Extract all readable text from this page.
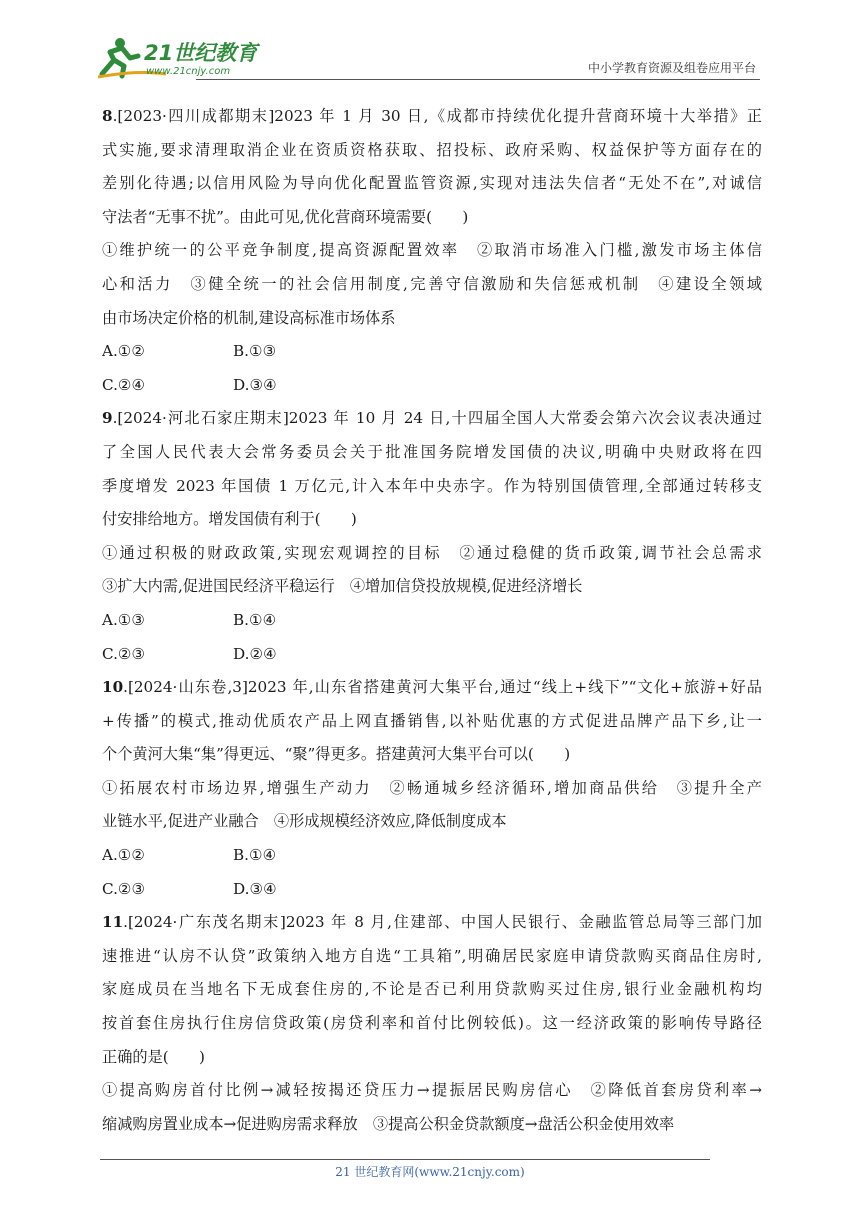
21世纪教育
www.21cnjy.com	中小学教育资源及组卷应用平台
8.[2023·四川成都期末]2023 年 1 月 30 日,《成都市持续优化提升营商环境十大举措》正
式实施,要求清理取消企业在资质资格获取、招投标、政府采购、权益保护等方面存在的
差别化待遇;以信用风险为导向优化配置监管资源,实现对违法失信者“无处不在”,对诚信
守法者“无事不扰”。由此可见,优化营商环境需要(　　)
①维护统一的公平竞争制度,提高资源配置效率　②取消市场准入门槛,激发市场主体信
心和活力　③健全统一的社会信用制度,完善守信激励和失信惩戒机制　④建设全领域
由市场决定价格的机制,建设高标准市场体系
A.①②	B.①③
C.②④	D.③④
9.[2024·河北石家庄期末]2023 年 10 月 24 日,十四届全国人大常委会第六次会议表决通过
了全国人民代表大会常务委员会关于批准国务院增发国债的决议,明确中央财政将在四
季度增发 2023 年国债 1 万亿元,计入本年中央赤字。作为特别国债管理,全部通过转移支
付安排给地方。增发国债有利于(　　)
①通过积极的财政政策,实现宏观调控的目标　②通过稳健的货币政策,调节社会总需求
③扩大内需,促进国民经济平稳运行　④增加信贷投放规模,促进经济增长
A.①③	B.①④
C.②③	D.②④
10.[2024·山东卷,3]2023 年,山东省搭建黄河大集平台,通过“线上+线下”“文化+旅游+好品
+传播”的模式,推动优质农产品上网直播销售,以补贴优惠的方式促进品牌产品下乡,让一
个个黄河大集“集”得更远、“聚”得更多。搭建黄河大集平台可以(　　)
①拓展农村市场边界,增强生产动力　②畅通城乡经济循环,增加商品供给　③提升全产
业链水平,促进产业融合　④形成规模经济效应,降低制度成本
A.①②	B.①④
C.②③	D.③④
11.[2024·广东茂名期末]2023 年 8 月,住建部、中国人民银行、金融监管总局等三部门加
速推进“认房不认贷”政策纳入地方自选“工具箱”,明确居民家庭申请贷款购买商品住房时,
家庭成员在当地名下无成套住房的,不论是否已利用贷款购买过住房,银行业金融机构均
按首套住房执行住房信贷政策(房贷利率和首付比例较低)。这一经济政策的影响传导路径
正确的是(　　)
①提高购房首付比例→减轻按揭还贷压力→提振居民购房信心　②降低首套房贷利率→
缩减购房置业成本→促进购房需求释放　③提高公积金贷款额度→盘活公积金使用效率
21 世纪教育网(www.21cnjy.com)
